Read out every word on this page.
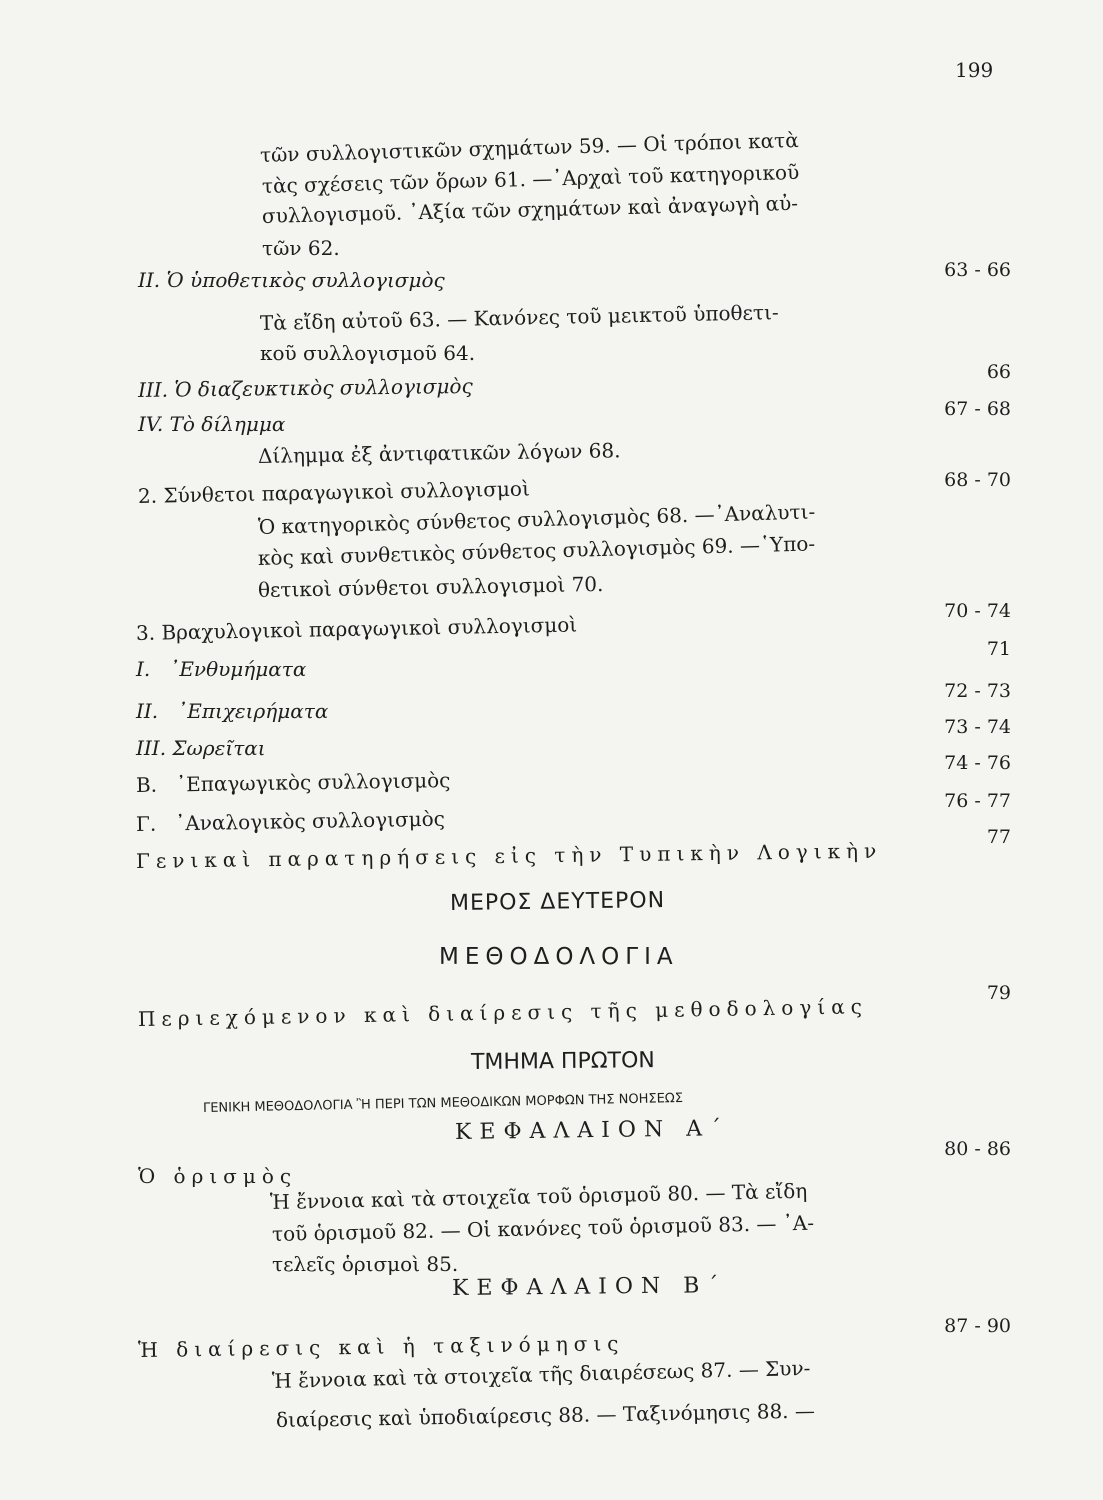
199
τῶν συλλογιστικῶν σχημάτων 59. — Οἱ τρόποι κατὰ
τὰς σχέσεις τῶν ὅρων 61. —᾿Αρχαὶ τοῦ κατηγορικοῦ
συλλογισμοῦ. ᾿Αξία τῶν σχημάτων καὶ ἀναγωγὴ αὐ-
τῶν 62.
II. Ὁ ὑποθετικὸς συλλογισμὸς	63 - 66
Τὰ εἴδη αὐτοῦ 63. — Κανόνες τοῦ μεικτοῦ ὑποθετι-
κοῦ συλλογισμοῦ 64.
III. Ὁ διαζευκτικὸς συλλογισμὸς
66
IV. Τὸ δίλημμα
67 - 68
Δίλημμα ἐξ ἀντιφατικῶν λόγων 68.
2. Σύνθετοι παραγωγικοὶ συλλογισμοὶ	68 - 70
Ὁ κατηγορικὸς σύνθετος συλλογισμὸς 68. —᾿Αναλυτι-
κὸς καὶ συνθετικὸς σύνθετος συλλογισμὸς 69. —῾Υπο-
θετικοὶ σύνθετοι συλλογισμοὶ 70.
3. Βραχυλογικοὶ παραγωγικοὶ συλλογισμοὶ
70 - 74
I.   ᾿Ενθυμήματα
71
II.   ᾿Επιχειρήματα
72 - 73
III. Σωρεῖται
73 - 74
Β.   ᾿Επαγωγικὸς συλλογισμὸς
74 - 76
Γ.   ᾿Αναλογικὸς συλλογισμὸς
76 - 77
Γενικαὶ παρατηρήσεις εἰς τὴν Τυπικὴν Λογικὴν
77
ΜΕΡΟΣ ΔΕΥΤΕΡΟΝ
ΜΕΘΟΔΟΛΟΓΙΑ
Περιεχόμενον καὶ διαίρεσις τῆς μεθοδολογίας
79
ΤΜΗΜΑ ΠΡΩΤΟΝ
ΓΕΝΙΚΗ ΜΕΘΟΔΟΛΟΓΙΑ Ἢ ΠΕΡΙ ΤΩΝ ΜΕΘΟΔΙΚΩΝ ΜΟΡΦΩΝ ΤΗΣ ΝΟΗΣΕΩΣ
ΚΕΦΑΛΑΙΟΝ Α΄
Ὁ ὁρισμὸς
80 - 86
Ἡ ἔννοια καὶ τὰ στοιχεῖα τοῦ ὁρισμοῦ 80. — Τὰ εἴδη
τοῦ ὁρισμοῦ 82. — Οἱ κανόνες τοῦ ὁρισμοῦ 83. — ᾿Α-
τελεῖς ὁρισμοὶ 85.
ΚΕΦΑΛΑΙΟΝ Β΄
Ἡ διαίρεσις καὶ ἡ ταξινόμησις
87 - 90
Ἡ ἔννοια καὶ τὰ στοιχεῖα τῆς διαιρέσεως 87. — Συν-
διαίρεσις καὶ ὑποδιαίρεσις 88. — Ταξινόμησις 88. —
